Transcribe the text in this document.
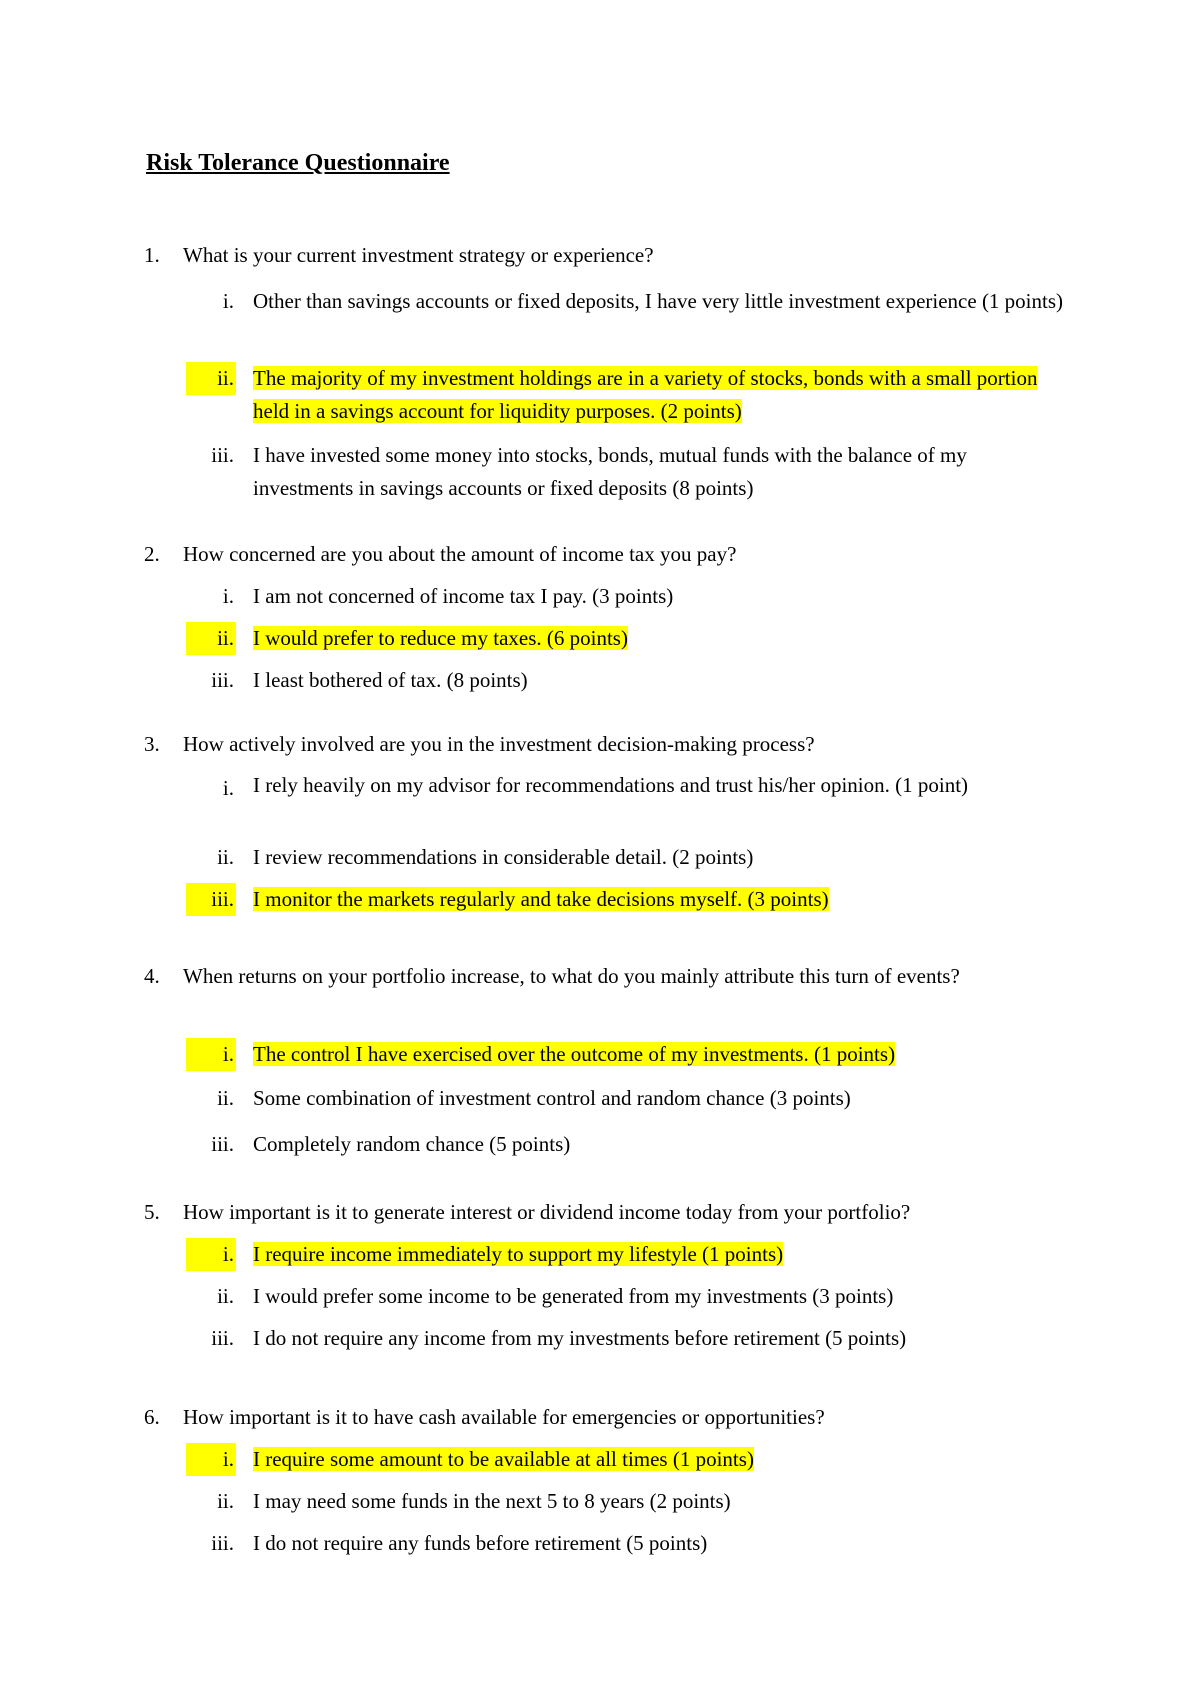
Risk Tolerance Questionnaire
1. What is your current investment strategy or experience?
i. Other than savings accounts or fixed deposits, I have very little investment experience (1 points)
ii. The majority of my investment holdings are in a variety of stocks, bonds with a small portion held in a savings account for liquidity purposes. (2 points)
iii. I have invested some money into stocks, bonds, mutual funds with the balance of my investments in savings accounts or fixed deposits (8 points)
2. How concerned are you about the amount of income tax you pay?
i. I am not concerned of income tax I pay. (3 points)
ii. I would prefer to reduce my taxes. (6 points)
iii. I least bothered of tax. (8 points)
3. How actively involved are you in the investment decision-making process?
i. I rely heavily on my advisor for recommendations and trust his/her opinion. (1 point)
ii. I review recommendations in considerable detail. (2 points)
iii. I monitor the markets regularly and take decisions myself. (3 points)
4. When returns on your portfolio increase, to what do you mainly attribute this turn of events?
i. The control I have exercised over the outcome of my investments. (1 points)
ii. Some combination of investment control and random chance (3 points)
iii. Completely random chance (5 points)
5. How important is it to generate interest or dividend income today from your portfolio?
i. I require income immediately to support my lifestyle (1 points)
ii. I would prefer some income to be generated from my investments (3 points)
iii. I do not require any income from my investments before retirement (5 points)
6. How important is it to have cash available for emergencies or opportunities?
i. I require some amount to be available at all times (1 points)
ii. I may need some funds in the next 5 to 8 years (2 points)
iii. I do not require any funds before retirement (5 points)
